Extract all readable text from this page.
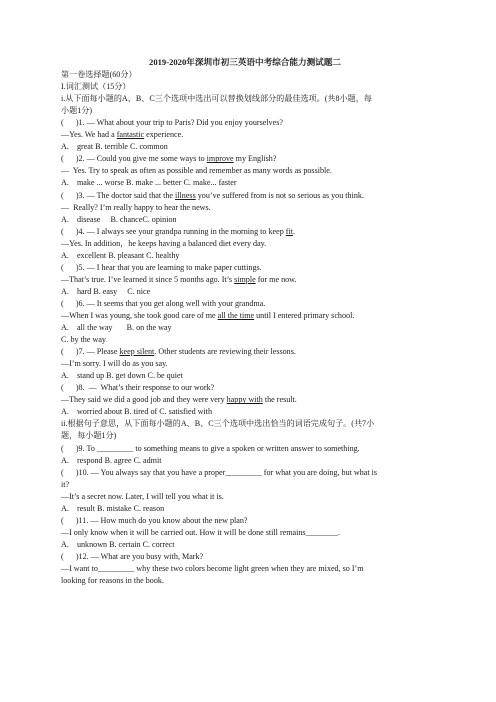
2019-2020年深圳市初三英语中考综合能力测试题二
第一卷选择题(60分）
I.词汇测试（15分）
i.从下面每小题的A、B、C三个选项中选出可以替换划线部分的最佳选项。(共8小题，每
小题1分)
(      )1. — What about your trip to Paris? Did you enjoy yourselves?
—Yes. We had a fantastic experience.
A.    great B. terrible C. common
(      )2. — Could you give me some ways to improve my English?
—  Yes. Try to speak as often as possible and remember as many words as possible.
A.    make ... worse B. make ... better C. make... faster
(      )3. — The doctor said that the illness you’ve suffered from is not so serious as you think.
—  Really? I’m really happy to hear the news.
A.    disease     B. chanceC. opinion
(      )4. — I always see your grandpa running in the morning to keep fit.
—Yes. In addition，he keeps having a balanced diet every day.
A.    excellent B. pleasant C. healthy
(      )5. — I hear that you are learning to make paper cuttings.
—That’s true. I’ve learned it since 5 months ago. It’s simple for me now.
A.    hard B. easy     C. nice
(      )6. — It seems that you get along well with your grandma.
—When I was young, she took good care of me all the time until I entered primary school.
A.    all the way       B. on the way
C. by the way
(      )7. — Please keep silent. Other students are reviewing their lessons.
—I’m sorry. I will do as you say.
A.    stand up B. get down C. be quiet
(      )8.  —  What’s their response to our work?
—They said we did a good job and they were very happy with the result.
A.    worried about B. tired of C. satisfied with
ii.根据句子意思，从下面每小题的A、B、C三个选项中选出恰当的词语完成句子。(共7小
题，每小题1分)
(      )9. To _________ to something means to give a spoken or written answer to something.
A.    respond B. agree C. admit
(      )10. — You always say that you have a proper_________ for what you are doing, but what is
it?
—It’s a secret now. Later, I will tell you what it is.
A.    result B. mistake C. reason
(      )11. — How much do you know about the new plan?
—I only know when it will be carried out. How it will be done still remains________.
A.    unknown B. certain C. correct
(      )12. — What are you busy with, Mark?
—I want to_________ why these two colors become light green when they are mixed, so I’m
looking for reasons in the book.
